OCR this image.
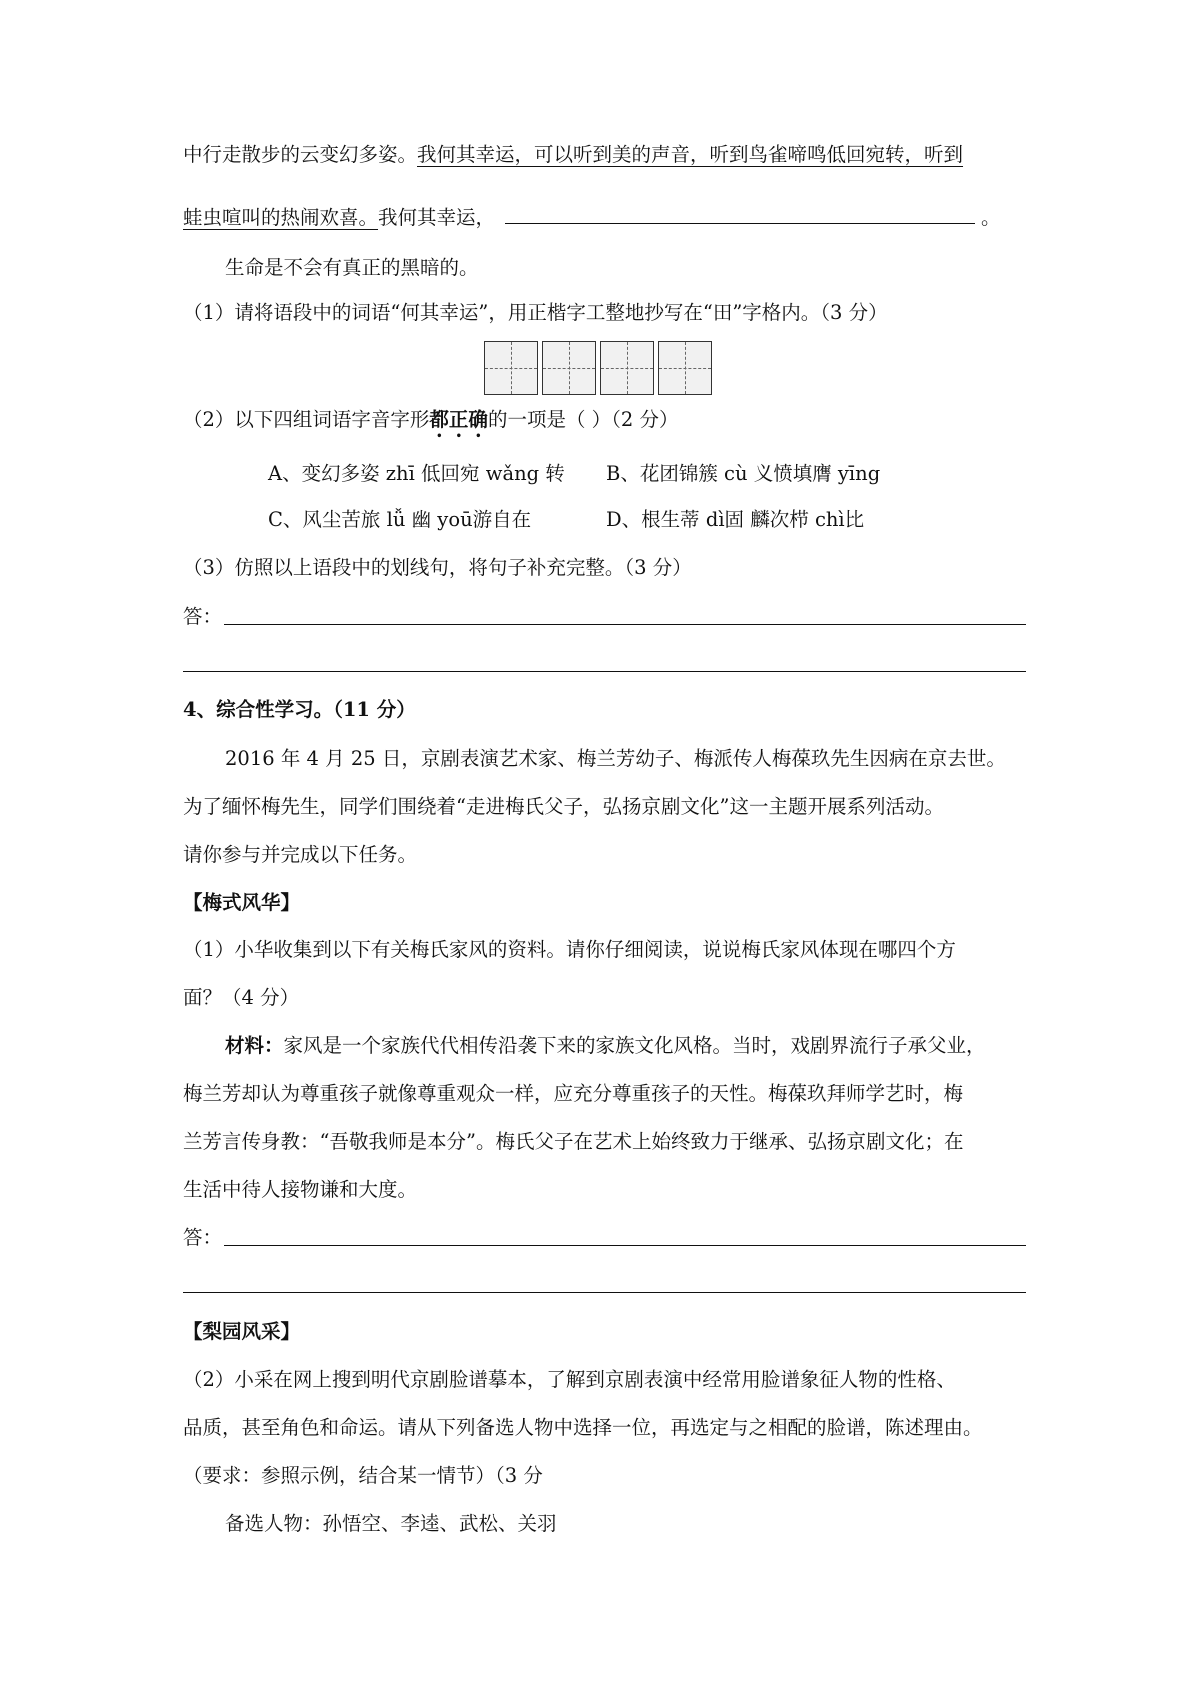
中行走散步的云变幻多姿。我何其幸运，可以听到美的声音，听到鸟雀啼鸣低回宛转，听到
蛙虫喧叫的热闹欢喜。我何其幸运，	。
生命是不会有真正的黑暗的。
（1）请将语段中的词语“何其幸运”，用正楷字工整地抄写在“田”字格内。（3 分）
（2）以下四组词语字音字形都正确的一项是（ ）（2 分）
A、变幻多姿 zhī 低回宛 wǎng 转 B、花团锦簇 cù 义愤填膺 yīng
C、风尘苦旅 lǚ 幽 yoū游自在	D、根生蒂 dì固 麟次栉 chì比
（3）仿照以上语段中的划线句，将句子补充完整。（3 分）
答：
4、综合性学习。（11 分）
2016 年 4 月 25 日，京剧表演艺术家、梅兰芳幼子、梅派传人梅葆玖先生因病在京去世。
为了缅怀梅先生，同学们围绕着“走进梅氏父子，弘扬京剧文化”这一主题开展系列活动。
请你参与并完成以下任务。
【梅式风华】
（1）小华收集到以下有关梅氏家风的资料。请你仔细阅读，说说梅氏家风体现在哪四个方
面？（4 分）
材料：家风是一个家族代代相传沿袭下来的家族文化风格。当时，戏剧界流行子承父业，
梅兰芳却认为尊重孩子就像尊重观众一样，应充分尊重孩子的天性。梅葆玖拜师学艺时，梅
兰芳言传身教：“吾敬我师是本分”。梅氏父子在艺术上始终致力于继承、弘扬京剧文化；在
生活中待人接物谦和大度。
答：
【梨园风采】
（2）小采在网上搜到明代京剧脸谱摹本，了解到京剧表演中经常用脸谱象征人物的性格、
品质，甚至角色和命运。请从下列备选人物中选择一位，再选定与之相配的脸谱，陈述理由。
（要求：参照示例，结合某一情节）（3 分
备选人物：孙悟空、李逵、武松、关羽
